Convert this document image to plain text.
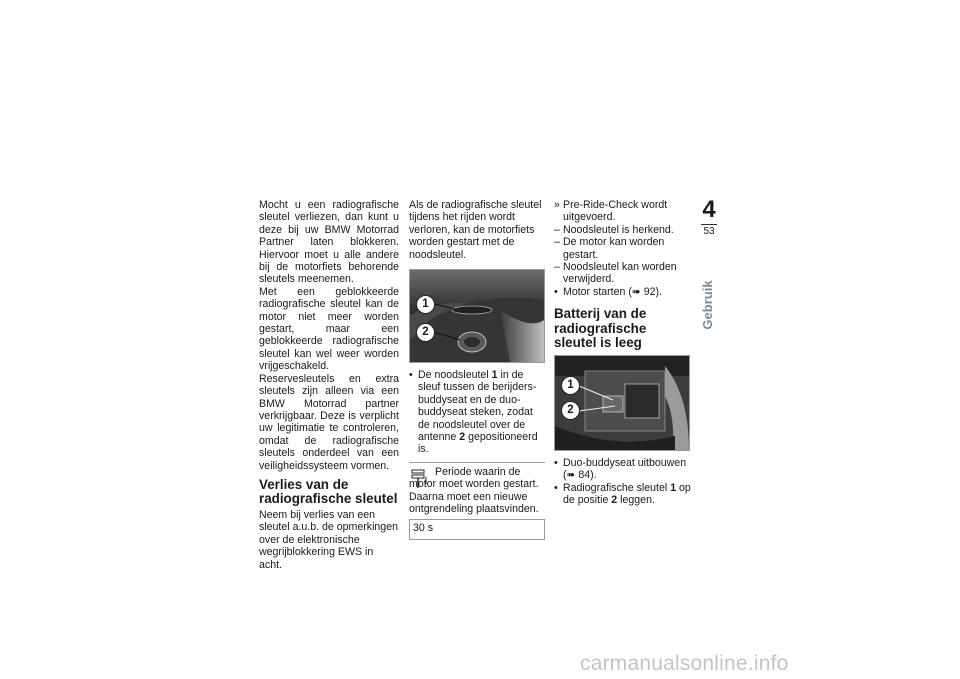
Mocht u een radiografische sleutel verliezen, dan kunt u deze bij uw BMW Motorrad Partner laten blokkeren. Hiervoor moet u alle andere bij de motorfiets behorende sleutels meenemen.

Met een geblokkeerde radiografische sleutel kan de motor niet meer worden gestart, maar een geblokkeerde radiografische sleutel kan wel weer worden vrijgeschakeld.

Reservesleutels en extra sleutels zijn alleen via een BMW Motorrad partner verkrijgbaar. Deze is verplicht uw legitimatie te controleren, omdat de radiografische sleutels onderdeel van een veiligheidssysteem vormen.

Verlies van de radiografische sleutel

Neem bij verlies van een sleutel a.u.b. de opmerkingen over de elektronische wegrijblokkering EWS in acht.

Als de radiografische sleutel tijdens het rijden wordt verloren, kan de motorfiets worden gestart met de noodsleutel.

1
2
• De noodsleutel 1 in de sleuf tussen de berijders-buddyseat en de duo-buddyseat steken, zodat de noodsleutel over de antenne 2 gepositioneerd is.

Periode waarin de motor moet worden gestart. Daarna moet een nieuwe ontgrendeling plaatsvinden.

30 s
» Pre-Ride-Check wordt uitgevoerd.
– Noodsleutel is herkend.
– De motor kan worden gestart.
– Noodsleutel kan worden verwijderd.
• Motor starten (➠ 92).
Batterij van de radiografische sleutel is leeg
1
2
• Duo-buddyseat uitbouwen (➠ 84).
• Radiografische sleutel 1 op de positie 2 leggen.
4
53
Gebruik
carmanualsonline.info
